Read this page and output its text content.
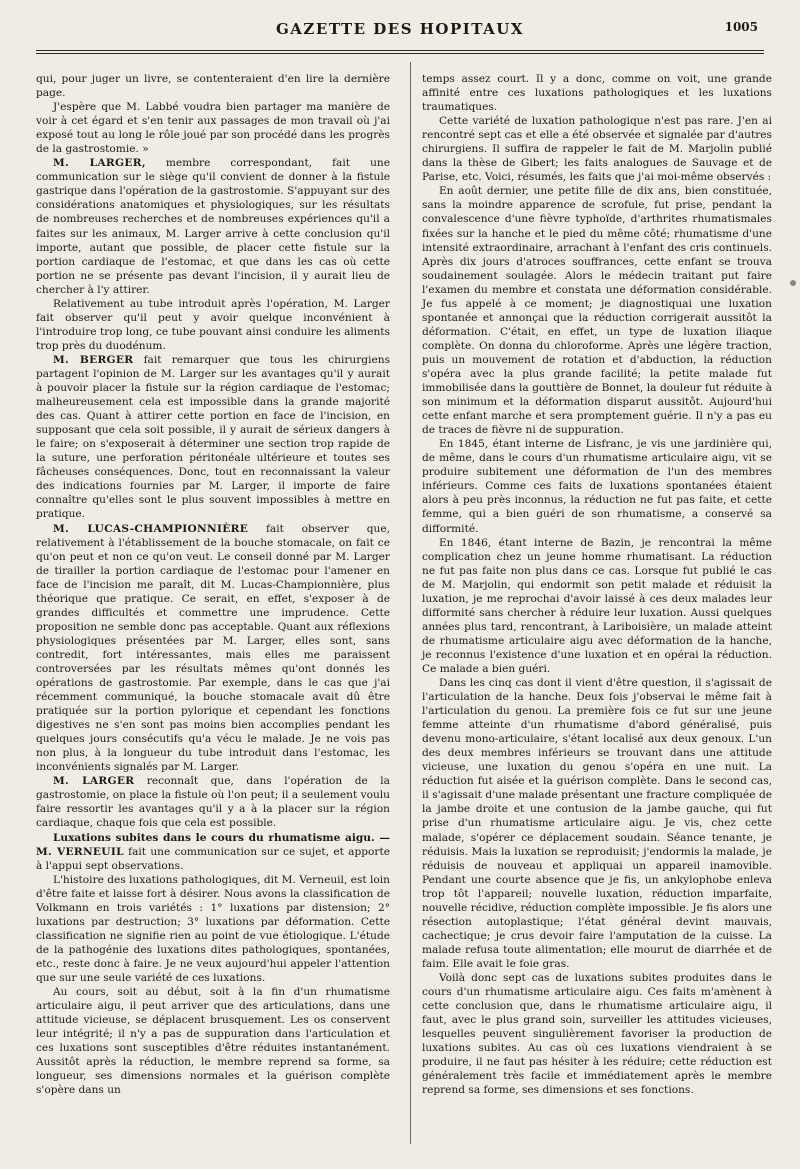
GAZETTE DES HOPITAUX	1005

qui, pour juger un livre, se contenteraient d'en lire la dernière page.

J'espère que M. Labbé voudra bien partager ma manière de voir à cet égard et s'en tenir aux passages de mon travail où j'ai exposé tout au long le rôle joué par son procédé dans les progrès de la gastrostomie. »

M. LARGER, membre correspondant, fait une communication sur le siège qu'il convient de donner à la fistule gastrique dans l'opération de la gastrostomie. S'appuyant sur des considérations anatomiques et physiologiques, sur les résultats de nombreuses recherches et de nombreuses expériences qu'il a faites sur les animaux, M. Larger arrive à cette conclusion qu'il importe, autant que possible, de placer cette fistule sur la portion cardiaque de l'estomac, et que dans les cas où cette portion ne se présente pas devant l'incision, il y aurait lieu de chercher à l'y attirer.

Relativement au tube introduit après l'opération, M. Larger fait observer qu'il peut y avoir quelque inconvénient à l'introduire trop long, ce tube pouvant ainsi conduire les aliments trop près du duodénum.

M. BERGER fait remarquer que tous les chirurgiens partagent l'opinion de M. Larger sur les avantages qu'il y aurait à pouvoir placer la fistule sur la région cardiaque de l'estomac; malheureusement cela est impossible dans la grande majorité des cas. Quant à attirer cette portion en face de l'incision, en supposant que cela soit possible, il y aurait de sérieux dangers à le faire; on s'exposerait à déterminer une section trop rapide de la suture, une perforation péritonéale ultérieure et toutes ses fâcheuses conséquences. Donc, tout en reconnaissant la valeur des indications fournies par M. Larger, il importe de faire connaître qu'elles sont le plus souvent impossibles à mettre en pratique.

M. LUCAS-CHAMPIONNIÈRE fait observer que, relativement à l'établissement de la bouche stomacale, on fait ce qu'on peut et non ce qu'on veut. Le conseil donné par M. Larger de tirailler la portion cardiaque de l'estomac pour l'amener en face de l'incision me paraît, dit M. Lucas-Championnière, plus théorique que pratique. Ce serait, en effet, s'exposer à de grandes difficultés et commettre une imprudence. Cette proposition ne semble donc pas acceptable. Quant aux réflexions physiologiques présentées par M. Larger, elles sont, sans contredit, fort intéressantes, mais elles me paraissent controversées par les résultats mêmes qu'ont donnés les opérations de gastrostomie. Par exemple, dans le cas que j'ai récemment communiqué, la bouche stomacale avait dû être pratiquée sur la portion pylorique et cependant les fonctions digestives ne s'en sont pas moins bien accomplies pendant les quelques jours consécutifs qu'a vécu le malade. Je ne vois pas non plus, à la longueur du tube introduit dans l'estomac, les inconvénients signalés par M. Larger.

M. LARGER reconnaît que, dans l'opération de la gastrostomie, on place la fistule où l'on peut; il a seulement voulu faire ressortir les avantages qu'il y a à la placer sur la région cardiaque, chaque fois que cela est possible.

Luxations subites dans le cours du rhumatisme aigu. — M. VERNEUIL fait une communication sur ce sujet, et apporte à l'appui sept observations.

L'histoire des luxations pathologiques, dit M. Verneuil, est loin d'être faite et laisse fort à désirer. Nous avons la classification de Volkmann en trois variétés : 1° luxations par distension; 2° luxations par destruction; 3° luxations par déformation. Cette classification ne signifie rien au point de vue étiologique. L'étude de la pathogénie des luxations dites pathologiques, spontanées, etc., reste donc à faire. Je ne veux aujourd'hui appeler l'attention que sur une seule variété de ces luxations.

Au cours, soit au début, soit à la fin d'un rhumatisme articulaire aigu, il peut arriver que des articulations, dans une attitude vicieuse, se déplacent brusquement. Les os conservent leur intégrité; il n'y a pas de suppuration dans l'articulation et ces luxations sont susceptibles d'être réduites instantanément. Aussitôt après la réduction, le membre reprend sa forme, sa longueur, ses dimensions normales et la guérison complète s'opère dans un

temps assez court. Il y a donc, comme on voit, une grande affinité entre ces luxations pathologiques et les luxations traumatiques.

Cette variété de luxation pathologique n'est pas rare. J'en ai rencontré sept cas et elle a été observée et signalée par d'autres chirurgiens. Il suffira de rappeler le fait de M. Marjolin publié dans la thèse de Gibert; les faits analogues de Sauvage et de Parise, etc. Voici, résumés, les faits que j'ai moi-même observés :

En août dernier, une petite fille de dix ans, bien constituée, sans la moindre apparence de scrofule, fut prise, pendant la convalescence d'une fièvre typhoïde, d'arthrites rhumatismales fixées sur la hanche et le pied du même côté; rhumatisme d'une intensité extraordinaire, arrachant à l'enfant des cris continuels. Après dix jours d'atroces souffrances, cette enfant se trouva soudainement soulagée. Alors le médecin traitant put faire l'examen du membre et constata une déformation considérable. Je fus appelé à ce moment; je diagnostiquai une luxation spontanée et annonçai que la réduction corrigerait aussitôt la déformation. C'était, en effet, un type de luxation iliaque complète. On donna du chloroforme. Après une légère traction, puis un mouvement de rotation et d'abduction, la réduction s'opéra avec la plus grande facilité; la petite malade fut immobilisée dans la gouttière de Bonnet, la douleur fut réduite à son minimum et la déformation disparut aussitôt. Aujourd'hui cette enfant marche et sera promptement guérie. Il n'y a pas eu de traces de fièvre ni de suppuration.

En 1845, étant interne de Lisfranc, je vis une jardinière qui, de même, dans le cours d'un rhumatisme articulaire aigu, vit se produire subitement une déformation de l'un des membres inférieurs. Comme ces faits de luxations spontanées étaient alors à peu près inconnus, la réduction ne fut pas faite, et cette femme, qui a bien guéri de son rhumatisme, a conservé sa difformité.

En 1846, étant interne de Bazin, je rencontrai la même complication chez un jeune homme rhumatisant. La réduction ne fut pas faite non plus dans ce cas. Lorsque fut publié le cas de M. Marjolin, qui endormit son petit malade et réduisit la luxation, je me reprochai d'avoir laissé à ces deux malades leur difformité sans chercher à réduire leur luxation. Aussi quelques années plus tard, rencontrant, à Lariboisière, un malade atteint de rhumatisme articulaire aigu avec déformation de la hanche, je reconnus l'existence d'une luxation et en opérai la réduction. Ce malade a bien guéri.

Dans les cinq cas dont il vient d'être question, il s'agissait de l'articulation de la hanche. Deux fois j'observai le même fait à l'articulation du genou. La première fois ce fut sur une jeune femme atteinte d'un rhumatisme d'abord généralisé, puis devenu mono-articulaire, s'étant localisé aux deux genoux. L'un des deux membres inférieurs se trouvant dans une attitude vicieuse, une luxation du genou s'opéra en une nuit. La réduction fut aisée et la guérison complète. Dans le second cas, il s'agissait d'une malade présentant une fracture compliquée de la jambe droite et une contusion de la jambe gauche, qui fut prise d'un rhumatisme articulaire aigu. Je vis, chez cette malade, s'opérer ce déplacement soudain. Séance tenante, je réduisis. Mais la luxation se reproduisit; j'endormis la malade, je réduisis de nouveau et appliquai un appareil inamovible. Pendant une courte absence que je fis, un ankylophobe enleva trop tôt l'appareil; nouvelle luxation, réduction imparfaite, nouvelle récidive, réduction complète impossible. Je fis alors une résection autoplastique; l'état général devint mauvais, cachectique; je crus devoir faire l'amputation de la cuisse. La malade refusa toute alimentation; elle mourut de diarrhée et de faim. Elle avait le foie gras.

Voilà donc sept cas de luxations subites produites dans le cours d'un rhumatisme articulaire aigu. Ces faits m'amènent à cette conclusion que, dans le rhumatisme articulaire aigu, il faut, avec le plus grand soin, surveiller les attitudes vicieuses, lesquelles peuvent singulièrement favoriser la production de luxations subites. Au cas où ces luxations viendraient à se produire, il ne faut pas hésiter à les réduire; cette réduction est généralement très facile et immédiatement après le membre reprend sa forme, ses dimensions et ses fonctions.
